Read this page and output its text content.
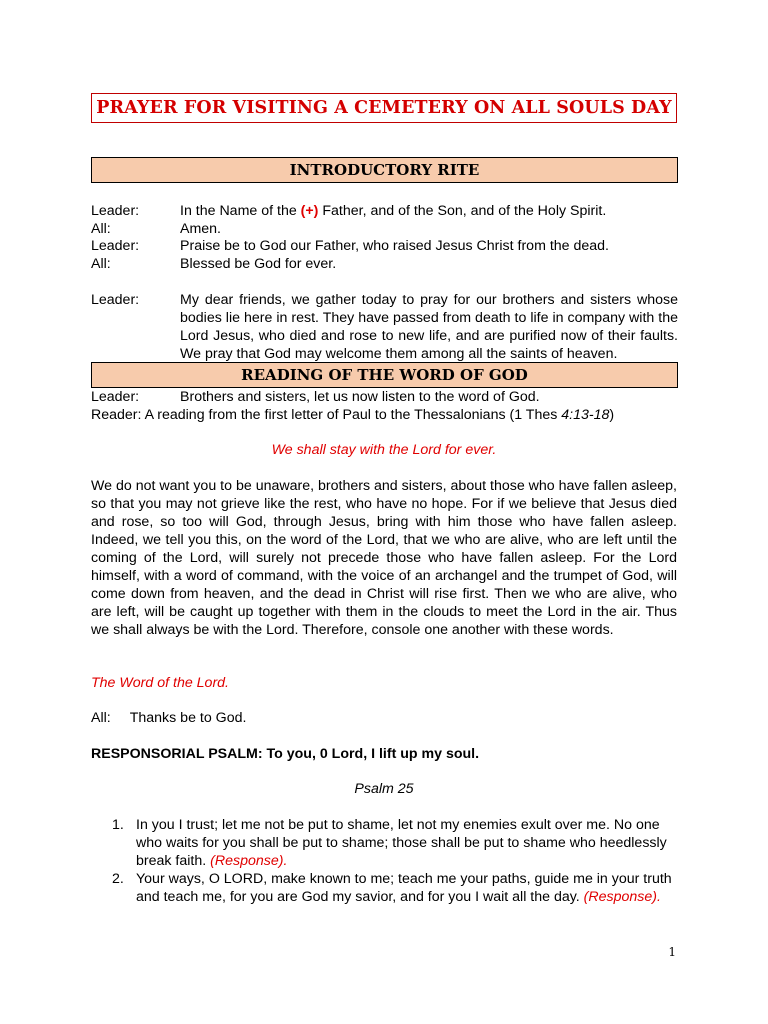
PRAYER FOR VISITING A CEMETERY ON ALL SOULS DAY
INTRODUCTORY RITE
Leader:	In the Name of the (+) Father, and of the Son, and of the Holy Spirit.
All:	Amen.
Leader:	Praise be to God our Father, who raised Jesus Christ from the dead.
All:	Blessed be God for ever.
Leader:	My dear friends, we gather today to pray for our brothers and sisters whose bodies lie here in rest. They have passed from death to life in company with the Lord Jesus, who died and rose to new life, and are purified now of their faults. We pray that God may welcome them among all the saints of heaven.
READING OF THE WORD OF GOD
Leader:	Brothers and sisters, let us now listen to the word of God.
Reader: A reading from the first letter of Paul to the Thessalonians (1 Thes 4:13-18)
We shall stay with the Lord for ever.
We do not want you to be unaware, brothers and sisters, about those who have fallen asleep, so that you may not grieve like the rest, who have no hope. For if we believe that Jesus died and rose, so too will God, through Jesus, bring with him those who have fallen asleep. Indeed, we tell you this, on the word of the Lord, that we who are alive, who are left until the coming of the Lord, will surely not precede those who have fallen asleep. For the Lord himself, with a word of command, with the voice of an archangel and the trumpet of God, will come down from heaven, and the dead in Christ will rise first. Then we who are alive, who are left, will be caught up together with them in the clouds to meet the Lord in the air. Thus we shall always be with the Lord. Therefore, console one another with these words.
The Word of the Lord.
All: Thanks be to God.
RESPONSORIAL PSALM: To you, 0 Lord, I lift up my soul.
Psalm 25
1. In you I trust; let me not be put to shame, let not my enemies exult over me. No one who waits for you shall be put to shame; those shall be put to shame who heedlessly break faith. (Response).
2. Your ways, O LORD, make known to me; teach me your paths, guide me in your truth and teach me, for you are God my savior, and for you I wait all the day. (Response).
1
